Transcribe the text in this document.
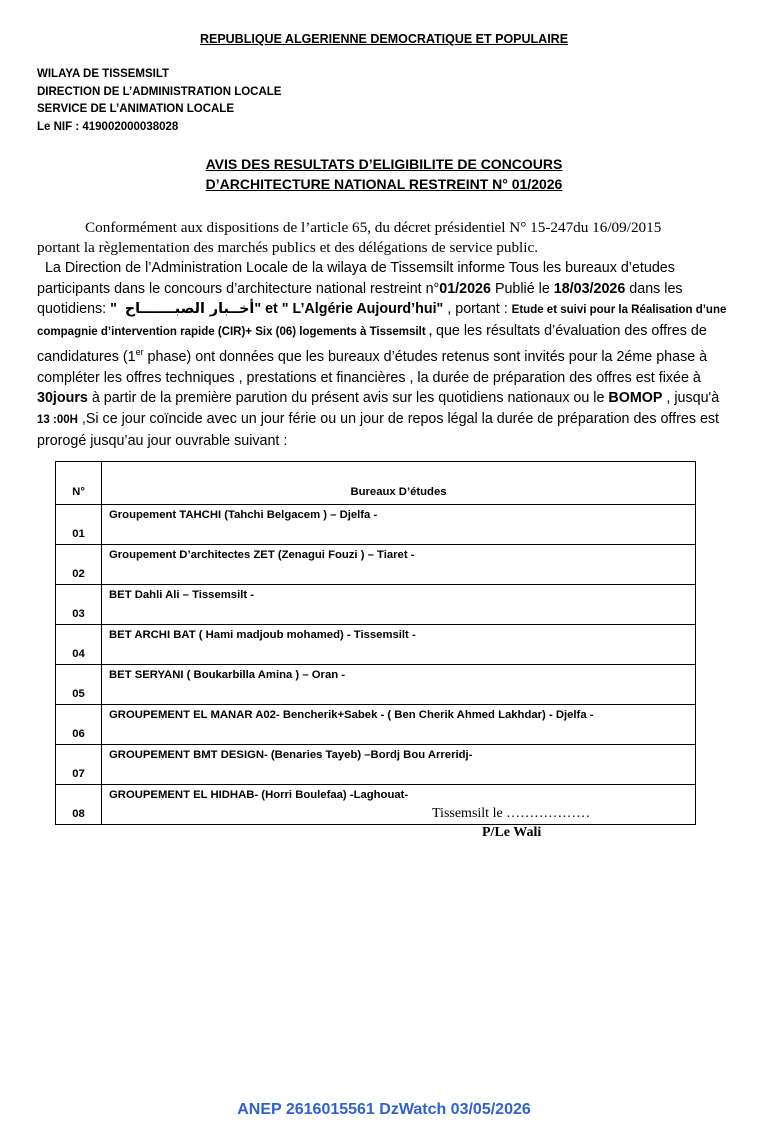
REPUBLIQUE ALGERIENNE DEMOCRATIQUE ET POPULAIRE
WILAYA DE TISSEMSILT
DIRECTION DE L’ADMINISTRATION LOCALE
SERVICE DE L’ANIMATION LOCALE
Le NIF : 419002000038028
AVIS DES RESULTATS D’ELIGIBILITE DE CONCOURS
D’ARCHITECTURE NATIONAL RESTREINT N° 01/2026
Conformément aux dispositions de l’article 65, du décret présidentiel N° 15-247du 16/09/2015
portant la règlementation des marchés publics et des délégations de service public.
La Direction de l’Administration Locale de la wilaya de Tissemsilt informe Tous les bureaux d’etudes participants dans le concours d’architecture national restreint n°01/2026 Publié le 18/03/2026 dans les quotidiens: " أخــبار الصبـــــــاح" et " L’Algérie Aujourd’hui" , portant : Etude et suivi pour la Réalisation d’une compagnie d’intervention rapide (CIR)+ Six (06) logements à Tissemsilt , que les résultats d’évaluation des offres de candidatures (1er phase) ont données que les bureaux d’études retenus sont invités pour la 2éme phase à compléter les offres techniques , prestations et financières , la durée de préparation des offres est fixée à 30jours à partir de la première parution du présent avis sur les quotidiens nationaux ou le BOMOP , jusqu'à 13 :00H ,Si ce jour coïncide avec un jour férie ou un jour de repos légal la durée de préparation des offres est prorogé jusqu’au jour ouvrable suivant :
N°	Bureaux D’études
01	Groupement TAHCHI (Tahchi Belgacem ) – Djelfa -
02	Groupement D’architectes ZET (Zenagui Fouzi ) – Tiaret -
03	BET Dahli Ali – Tissemsilt -
04	BET ARCHI BAT ( Hami madjoub mohamed) - Tissemsilt -
05	BET SERYANI ( Boukarbilla Amina ) – Oran -
06	GROUPEMENT EL MANAR A02- Bencherik+Sabek - ( Ben Cherik Ahmed Lakhdar) - Djelfa -
07	GROUPEMENT BMT DESIGN- (Benaries Tayeb) –Bordj Bou Arreridj-
08	GROUPEMENT EL HIDHAB- (Horri Boulefaa) -Laghouat-
Tissemsilt le ………………
P/Le Wali
ANEP 2616015561 DzWatch 03/05/2026
